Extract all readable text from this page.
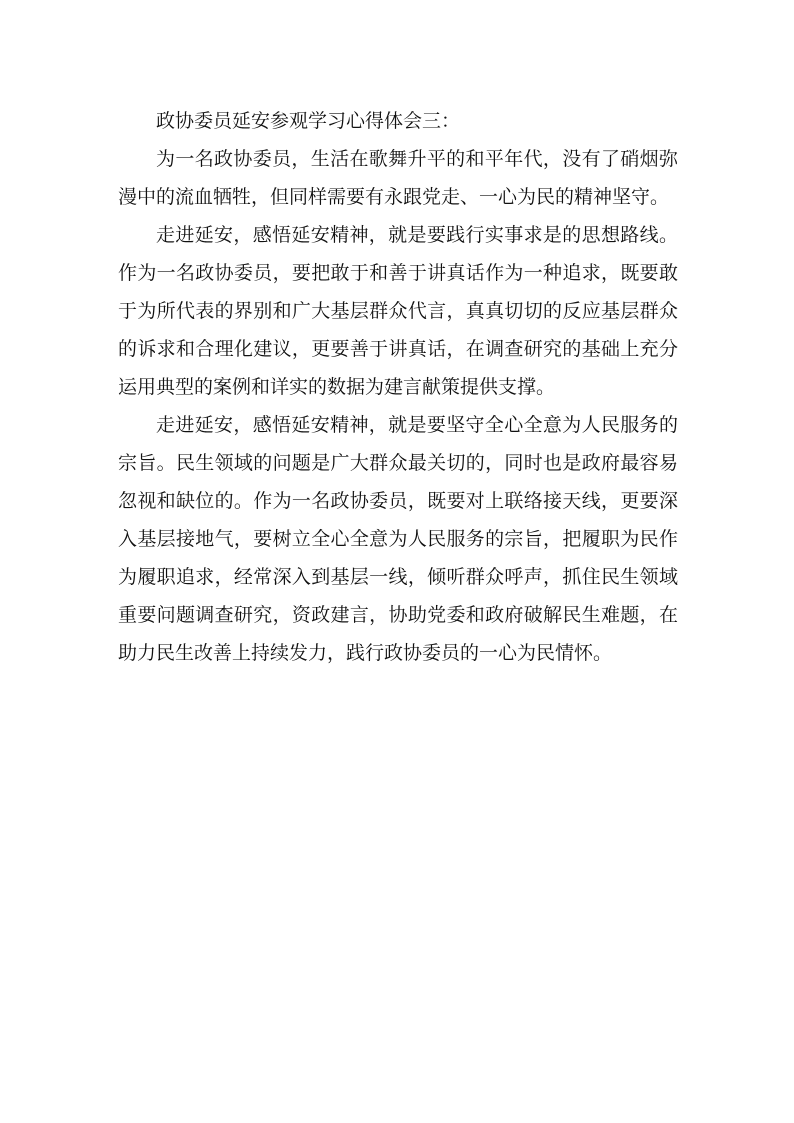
政协委员延安参观学习心得体会三：

为一名政协委员，生活在歌舞升平的和平年代，没有了硝烟弥漫中的流血牺牲，但同样需要有永跟党走、一心为民的精神坚守。

走进延安，感悟延安精神，就是要践行实事求是的思想路线。作为一名政协委员，要把敢于和善于讲真话作为一种追求，既要敢于为所代表的界别和广大基层群众代言，真真切切的反应基层群众的诉求和合理化建议，更要善于讲真话，在调查研究的基础上充分运用典型的案例和详实的数据为建言献策提供支撑。

走进延安，感悟延安精神，就是要坚守全心全意为人民服务的宗旨。民生领域的问题是广大群众最关切的，同时也是政府最容易忽视和缺位的。作为一名政协委员，既要对上联络接天线，更要深入基层接地气，要树立全心全意为人民服务的宗旨，把履职为民作为履职追求，经常深入到基层一线，倾听群众呼声，抓住民生领域重要问题调查研究，资政建言，协助党委和政府破解民生难题，在助力民生改善上持续发力，践行政协委员的一心为民情怀。
